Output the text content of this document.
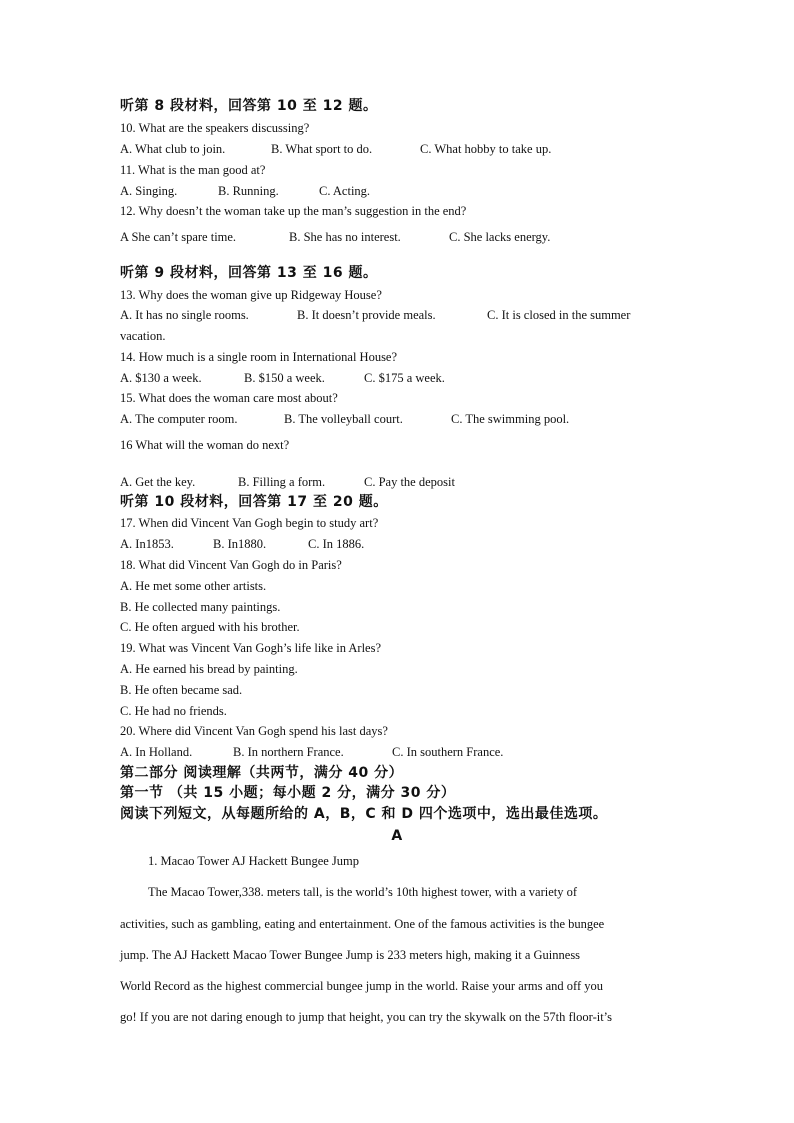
听第 8 段材料，回答第 10 至 12 题。
10. What are the speakers discussing?
A. What club to join.	B. What sport to do.	C. What hobby to take up.
11. What is the man good at?
A. Singing.	B. Running.	C. Acting.
12. Why doesn’t the woman take up the man’s suggestion in the end?
A She can’t spare time.	B. She has no interest.	C. She lacks energy.
听第 9 段材料，回答第 13 至 16 题。
13. Why does the woman give up Ridgeway House?
A. It has no single rooms.	B. It doesn’t provide meals.	C. It is closed in the summer
vacation.
14. How much is a single room in International House?
A. $130 a week.	B. $150 a week.	C. $175 a week.
15. What does the woman care most about?
A. The computer room.	B. The volleyball court.	C. The swimming pool.
16 What will the woman do next?
A. Get the key.	B. Filling a form.	C. Pay the deposit
听第 10 段材料，回答第 17 至 20 题。
17. When did Vincent Van Gogh begin to study art?
A. In1853.	B. In1880.	C. In 1886.
18. What did Vincent Van Gogh do in Paris?
A. He met some other artists.
B. He collected many paintings.
C. He often argued with his brother.
19. What was Vincent Van Gogh’s life like in Arles?
A. He earned his bread by painting.
B. He often became sad.
C. He had no friends.
20. Where did Vincent Van Gogh spend his last days?
A. In Holland.	B. In northern France.	C. In southern France.
第二部分 阅读理解（共两节，满分 40 分）
第一节 （共 15 小题；每小题 2 分，满分 30 分）
阅读下列短文，从每题所给的 A，B，C 和 D 四个选项中，选出最佳选项。
A
1. Macao Tower AJ Hackett Bungee Jump
The Macao Tower,338. meters tall, is the world’s 10th highest tower, with a variety of
activities, such as gambling, eating and entertainment. One of the famous activities is the bungee
jump. The AJ Hackett Macao Tower Bungee Jump is 233 meters high, making it a Guinness
World Record as the highest commercial bungee jump in the world. Raise your arms and off you
go! If you are not daring enough to jump that height, you can try the skywalk on the 57th floor-it’s
